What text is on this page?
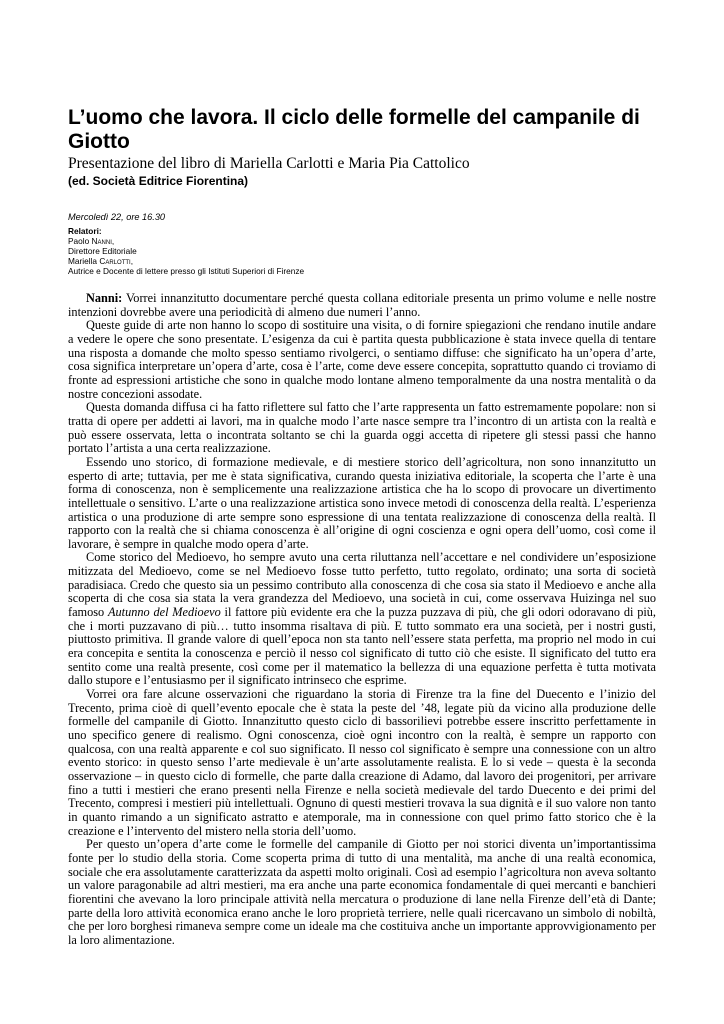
L’uomo che lavora. Il ciclo delle formelle del campanile di Giotto

Presentazione del libro di Mariella Carlotti e Maria Pia Cattolico

(ed. Società Editrice Fiorentina)

Mercoledì 22, ore 16.30
Relatori:
Paolo Nanni,
Direttore Editoriale
Mariella Carlotti,
Autrice e Docente di lettere presso gli Istituti Superiori di Firenze

Nanni: Vorrei innanzitutto documentare perché questa collana editoriale presenta un primo volume e nelle nostre intenzioni dovrebbe avere una periodicità di almeno due numeri l’anno.

Queste guide di arte non hanno lo scopo di sostituire una visita, o di fornire spiegazioni che rendano inutile andare a vedere le opere che sono presentate. L’esigenza da cui è partita questa pubblicazione è stata invece quella di tentare una risposta a domande che molto spesso sentiamo rivolgerci, o sentiamo diffuse: che significato ha un’opera d’arte, cosa significa interpretare un’opera d’arte, cosa è l’arte, come deve essere concepita, soprattutto quando ci troviamo di fronte ad espressioni artistiche che sono in qualche modo lontane almeno temporalmente da una nostra mentalità o da nostre concezioni assodate.

Questa domanda diffusa ci ha fatto riflettere sul fatto che l’arte rappresenta un fatto estremamente popolare: non si tratta di opere per addetti ai lavori, ma in qualche modo l’arte nasce sempre tra l’incontro di un artista con la realtà e può essere osservata, letta o incontrata soltanto se chi la guarda oggi accetta di ripetere gli stessi passi che hanno portato l’artista a una certa realizzazione.

Essendo uno storico, di formazione medievale, e di mestiere storico dell’agricoltura, non sono innanzitutto un esperto di arte; tuttavia, per me è stata significativa, curando questa iniziativa editoriale, la scoperta che l’arte è una forma di conoscenza, non è semplicemente una realizzazione artistica che ha lo scopo di provocare un divertimento intellettuale o sensitivo. L’arte o una realizzazione artistica sono invece metodi di conoscenza della realtà. L’esperienza artistica o una produzione di arte sempre sono espressione di una tentata realizzazione di conoscenza della realtà. Il rapporto con la realtà che si chiama conoscenza è all’origine di ogni coscienza e ogni opera dell’uomo, così come il lavorare, è sempre in qualche modo opera d’arte.

Come storico del Medioevo, ho sempre avuto una certa riluttanza nell’accettare e nel condividere un’esposizione mitizzata del Medioevo, come se nel Medioevo fosse tutto perfetto, tutto regolato, ordinato; una sorta di società paradisiaca. Credo che questo sia un pessimo contributo alla conoscenza di che cosa sia stato il Medioevo e anche alla scoperta di che cosa sia stata la vera grandezza del Medioevo, una società in cui, come osservava Huizinga nel suo famoso Autunno del Medioevo il fattore più evidente era che la puzza puzzava di più, che gli odori odoravano di più, che i morti puzzavano di più… tutto insomma risaltava di più. E tutto sommato era una società, per i nostri gusti, piuttosto primitiva. Il grande valore di quell’epoca non sta tanto nell’essere stata perfetta, ma proprio nel modo in cui era concepita e sentita la conoscenza e perciò il nesso col significato di tutto ciò che esiste. Il significato del tutto era sentito come una realtà presente, così come per il matematico la bellezza di una equazione perfetta è tutta motivata dallo stupore e l’entusiasmo per il significato intrinseco che esprime.

Vorrei ora fare alcune osservazioni che riguardano la storia di Firenze tra la fine del Duecento e l’inizio del Trecento, prima cioè di quell’evento epocale che è stata la peste del ’48, legate più da vicino alla produzione delle formelle del campanile di Giotto. Innanzitutto questo ciclo di bassorilievi potrebbe essere inscritto perfettamente in uno specifico genere di realismo. Ogni conoscenza, cioè ogni incontro con la realtà, è sempre un rapporto con qualcosa, con una realtà apparente e col suo significato. Il nesso col significato è sempre una connessione con un altro evento storico: in questo senso l’arte medievale è un’arte assolutamente realista. E lo si vede – questa è la seconda osservazione – in questo ciclo di formelle, che parte dalla creazione di Adamo, dal lavoro dei progenitori, per arrivare fino a tutti i mestieri che erano presenti nella Firenze e nella società medievale del tardo Duecento e dei primi del Trecento, compresi i mestieri più intellettuali. Ognuno di questi mestieri trovava la sua dignità e il suo valore non tanto in quanto rimando a un significato astratto e atemporale, ma in connessione con quel primo fatto storico che è la creazione e l’intervento del mistero nella storia dell’uomo.

Per questo un’opera d’arte come le formelle del campanile di Giotto per noi storici diventa un’importantissima fonte per lo studio della storia. Come scoperta prima di tutto di una mentalità, ma anche di una realtà economica, sociale che era assolutamente caratterizzata da aspetti molto originali. Così ad esempio l’agricoltura non aveva soltanto un valore paragonabile ad altri mestieri, ma era anche una parte economica fondamentale di quei mercanti e banchieri fiorentini che avevano la loro principale attività nella mercatura o produzione di lane nella Firenze dell’età di Dante; parte della loro attività economica erano anche le loro proprietà terriere, nelle quali ricercavano un simbolo di nobiltà, che per loro borghesi rimaneva sempre come un ideale ma che costituiva anche un importante approvvigionamento per la loro alimentazione.
